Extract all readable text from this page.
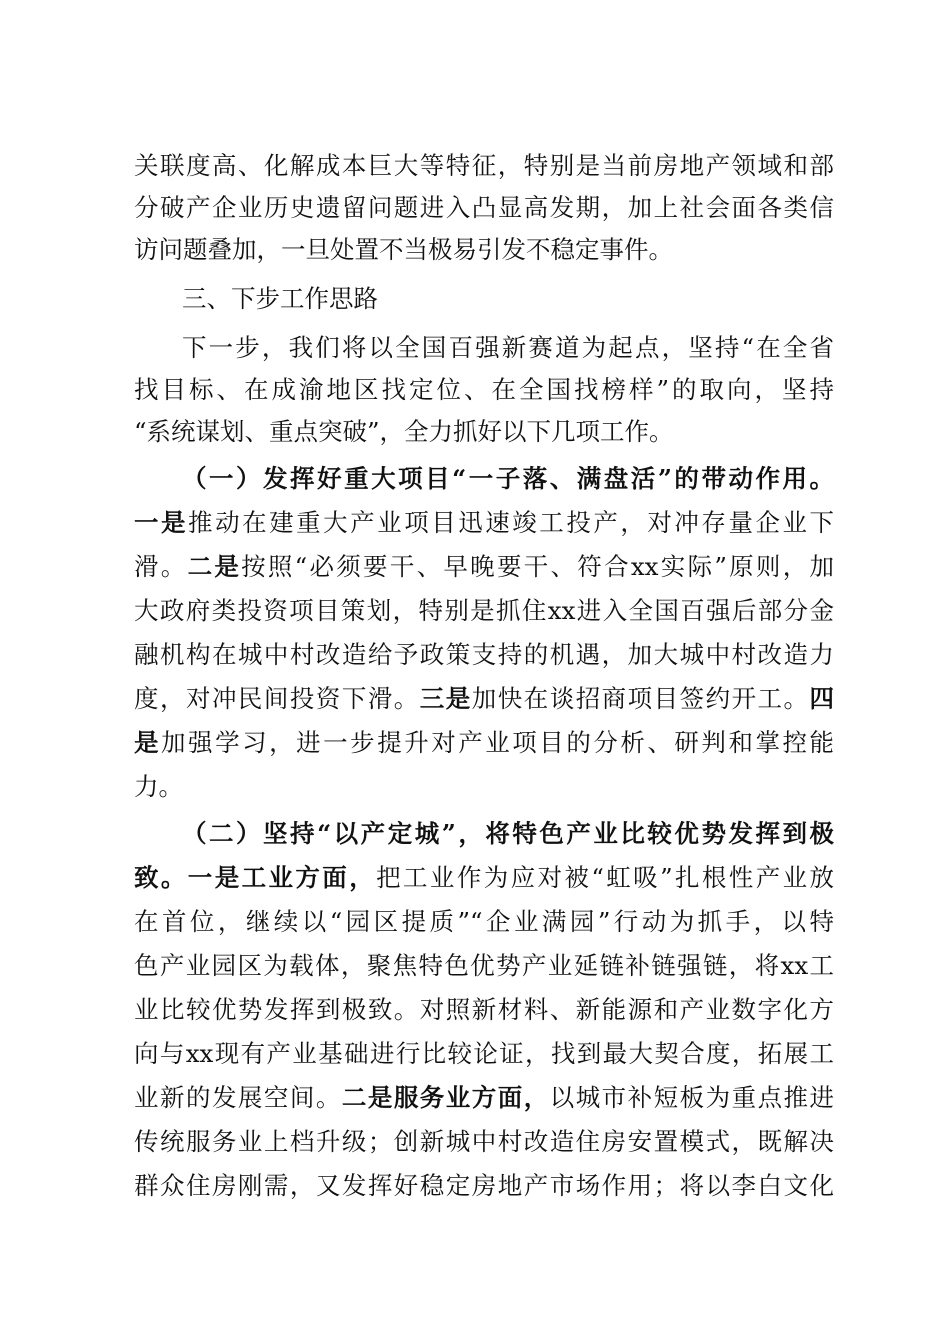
关联度高、化解成本巨大等特征，特别是当前房地产领域和部
分破产企业历史遗留问题进入凸显高发期，加上社会面各类信
访问题叠加，一旦处置不当极易引发不稳定事件。
三、下步工作思路
下一步，我们将以全国百强新赛道为起点，坚持“在全省
找目标、在成渝地区找定位、在全国找榜样”的取向，坚持
“系统谋划、重点突破”，全力抓好以下几项工作。
（一）发挥好重大项目“一子落、满盘活”的带动作用。
一是推动在建重大产业项目迅速竣工投产，对冲存量企业下
滑。二是按照“必须要干、早晚要干、符合xx实际”原则，加
大政府类投资项目策划，特别是抓住xx进入全国百强后部分金
融机构在城中村改造给予政策支持的机遇，加大城中村改造力
度，对冲民间投资下滑。三是加快在谈招商项目签约开工。四
是加强学习，进一步提升对产业项目的分析、研判和掌控能
力。
（二）坚持“以产定城”，将特色产业比较优势发挥到极
致。一是工业方面，把工业作为应对被“虹吸”扎根性产业放
在首位，继续以“园区提质”“企业满园”行动为抓手，以特
色产业园区为载体，聚焦特色优势产业延链补链强链，将xx工
业比较优势发挥到极致。对照新材料、新能源和产业数字化方
向与xx现有产业基础进行比较论证，找到最大契合度，拓展工
业新的发展空间。二是服务业方面，以城市补短板为重点推进
传统服务业上档升级；创新城中村改造住房安置模式，既解决
群众住房刚需，又发挥好稳定房地产市场作用；将以李白文化
